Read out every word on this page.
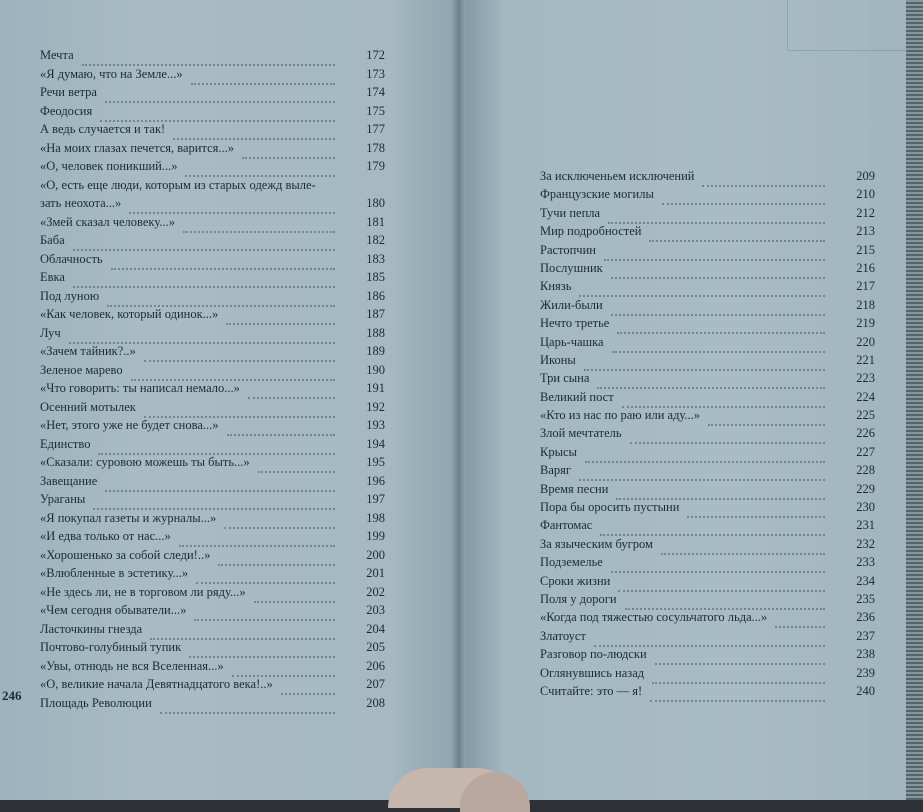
Мечта	172
«Я думаю, что на Земле...»	173
Речи ветра	174
Феодосия	175
А ведь случается и так!	177
«На моих глазах печется, варится...»	178
«О, человек поникший...»	179
«О, есть еще люди, которым из старых одежд выле-
зать неохота...»	180
«Змей сказал человеку...»	181
Баба	182
Облачность	183
Евка	185
Под луною	186
«Как человек, который одинок...»	187
Луч	188
«Зачем тайник?..»	189
Зеленое марево	190
«Что говорить: ты написал немало...»	191
Осенний мотылек	192
«Нет, этого уже не будет снова...»	193
Единство	194
«Сказали: суровою можешь ты быть...»	195
Завещание	196
Ураганы	197
«Я покупал газеты и журналы...»	198
«И едва только от нас...»	199
«Хорошенько за собой следи!..»	200
«Влюбленные в эстетику...»	201
«Не здесь ли, не в торговом ли ряду...»	202
«Чем сегодня обыватели...»	203
Ласточкины гнезда	204
Почтово-голубиный тупик	205
«Увы, отнюдь не вся Вселенная...»	206
«О, великие начала Девятнадцатого века!..»	207
Площадь Революции	208
За исключеньем исключений	209
Французские могилы	210
Тучи пепла	212
Мир подробностей	213
Растопчин	215
Послушник	216
Князь	217
Жили-были	218
Нечто третье	219
Царь-чашка	220
Иконы	221
Три сына	223
Великий пост	224
«Кто из нас по раю или аду...»	225
Злой мечтатель	226
Крысы	227
Варяг	228
Время песни	229
Пора бы оросить пустыни	230
Фантомас	231
За языческим бугром	232
Подземелье	233
Сроки жизни	234
Поля у дороги	235
«Когда под тяжестью сосульчатого льда...»	236
Златоуст	237
Разговор по-людски	238
Оглянувшись назад	239
Считайте: это — я!	240
246
